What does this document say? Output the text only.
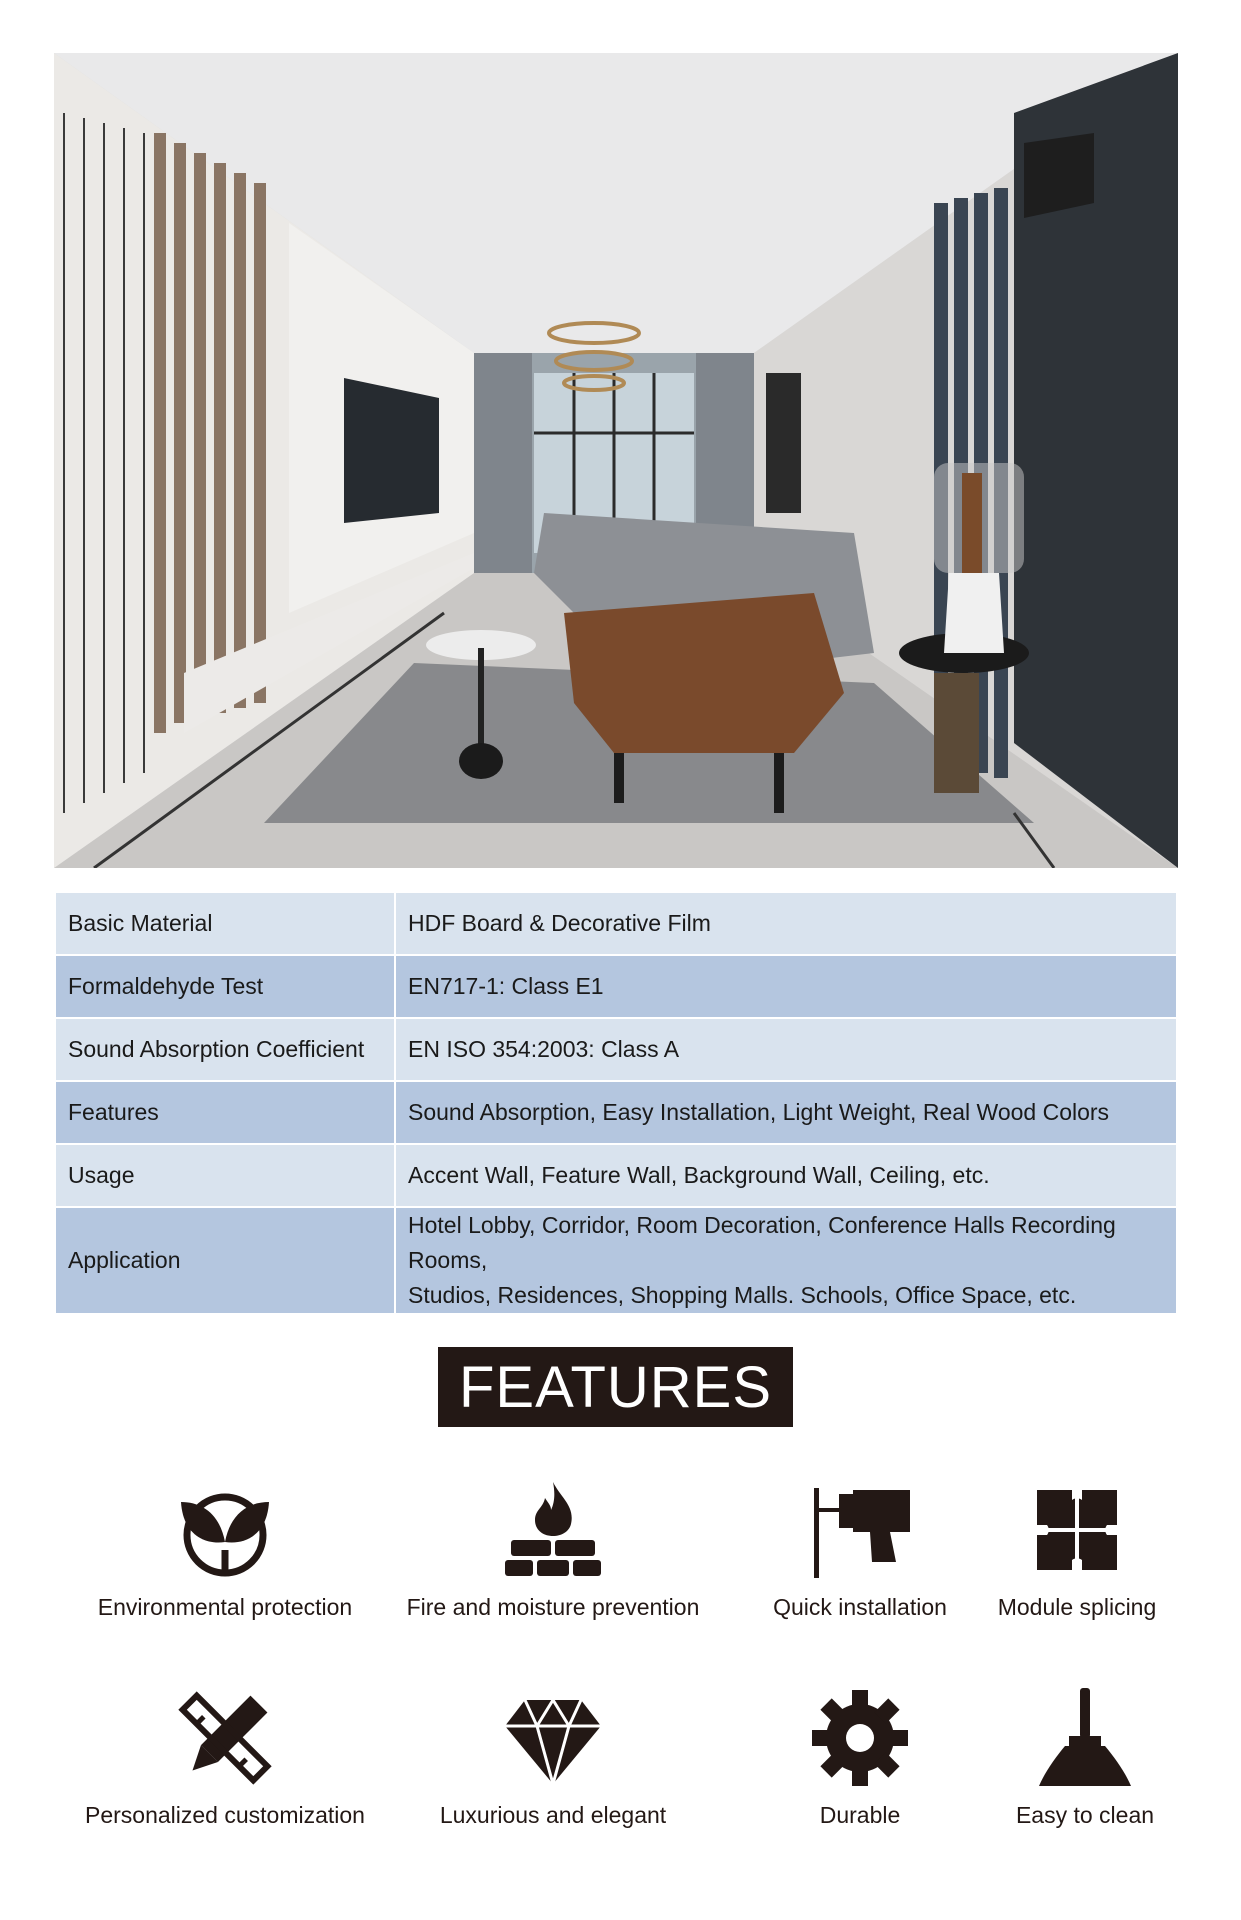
Basic Material	HDF Board & Decorative Film
Formaldehyde Test	EN717-1: Class E1
Sound Absorption Coefficient	EN ISO 354:2003: Class A
Features	Sound Absorption, Easy Installation, Light Weight, Real Wood Colors
Usage	Accent Wall, Feature Wall, Background Wall, Ceiling, etc.
Application	Hotel Lobby, Corridor, Room Decoration, Conference Halls Recording Rooms,
Studios, Residences, Shopping Malls. Schools, Office Space, etc.
FEATURES
Environmental protection	Fire and moisture prevention	Quick installation	Module splicing
Personalized customization	Luxurious and elegant	Durable	Easy to clean
